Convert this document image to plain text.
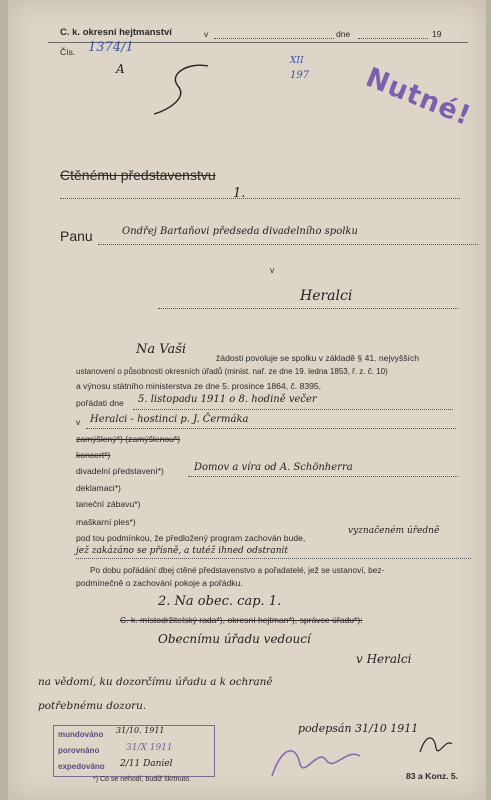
C. k. okresní hejtmanství	v	dne	19
Čís. 1374/1
A
XII
197 Nutné!
Ctěnému představenstvu
1.
Panu	Ondřej Bartaňovi předseda divadelního spolku
v
Heralci
Na Vaši
žádosti povoluje se spolku v základě § 41. nejvyšších
ustanovení o působnosti okresních úřadů (minist. nař. ze dne 19. ledna 1853, ř. z. č. 10)
a výnosu státního ministerstva ze dne 5. prosince 1864, č. 8395,
pořádati dne 5. listopadu 1911 o 8. hodině večer
v Heralci - hostinci p. J. Čermáka
zamýšlený*) (zamýšlenou*)
koncert*)
divadelní představení*)	Domov a víra od A. Schönherra
deklamaci*)
taneční zábavu*)
maškarní ples*)
pod tou podmínkou, že předložený program zachován bude,
vyznačeném úředně
jež zakázáno se přísně, a tutéž ihned odstranit
Po dobu pořádání dbej ctěné představenstvo a pořadatelé, jež se ustanoví, bez-
podmínečně o zachování pokoje a pořádku.
2. Na obec. cap. 1.
C. k. místodržitelský rada*), okresní hejtman*), správce úřadu*):
Obecnímu úřadu vedoucí
v Heralci
na vědomí, ku dozorčímu úřadu a k ochraně
potřebnému dozoru.
podepsán 31/10 1911
mundováno 31/10. 1911
porovnáno	31/X 1911
expedováno 2/11 Daniel
*) Co se nehodí, budiž škrtnuto.	83 a Konz. 5.
